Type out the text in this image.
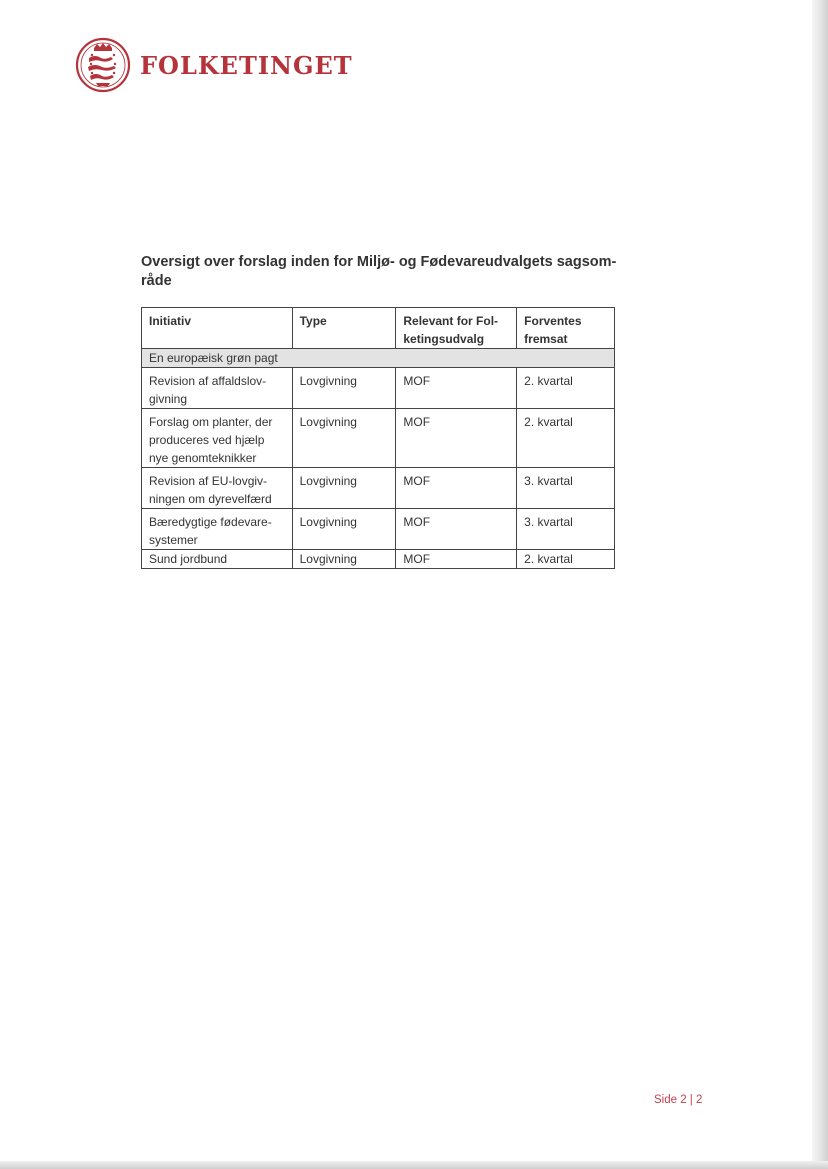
FOLKETINGET
Oversigt over forslag inden for Miljø- og Fødevareudvalgets sagsom-råde
Initiativ	Type	Relevant for Fol-ketingsudvalg	Forventes fremsat
En europæisk grøn pagt			
Revision af affaldslov-givning	Lovgivning	MOF	2. kvartal
Forslag om planter, der produceres ved hjælp nye genomteknikker	Lovgivning	MOF	2. kvartal
Revision af EU-lovgiv-ningen om dyrevelfærd	Lovgivning	MOF	3. kvartal
Bæredygtige fødevare-systemer	Lovgivning	MOF	3. kvartal
Sund jordbund	Lovgivning	MOF	2. kvartal
Side 2 | 2
